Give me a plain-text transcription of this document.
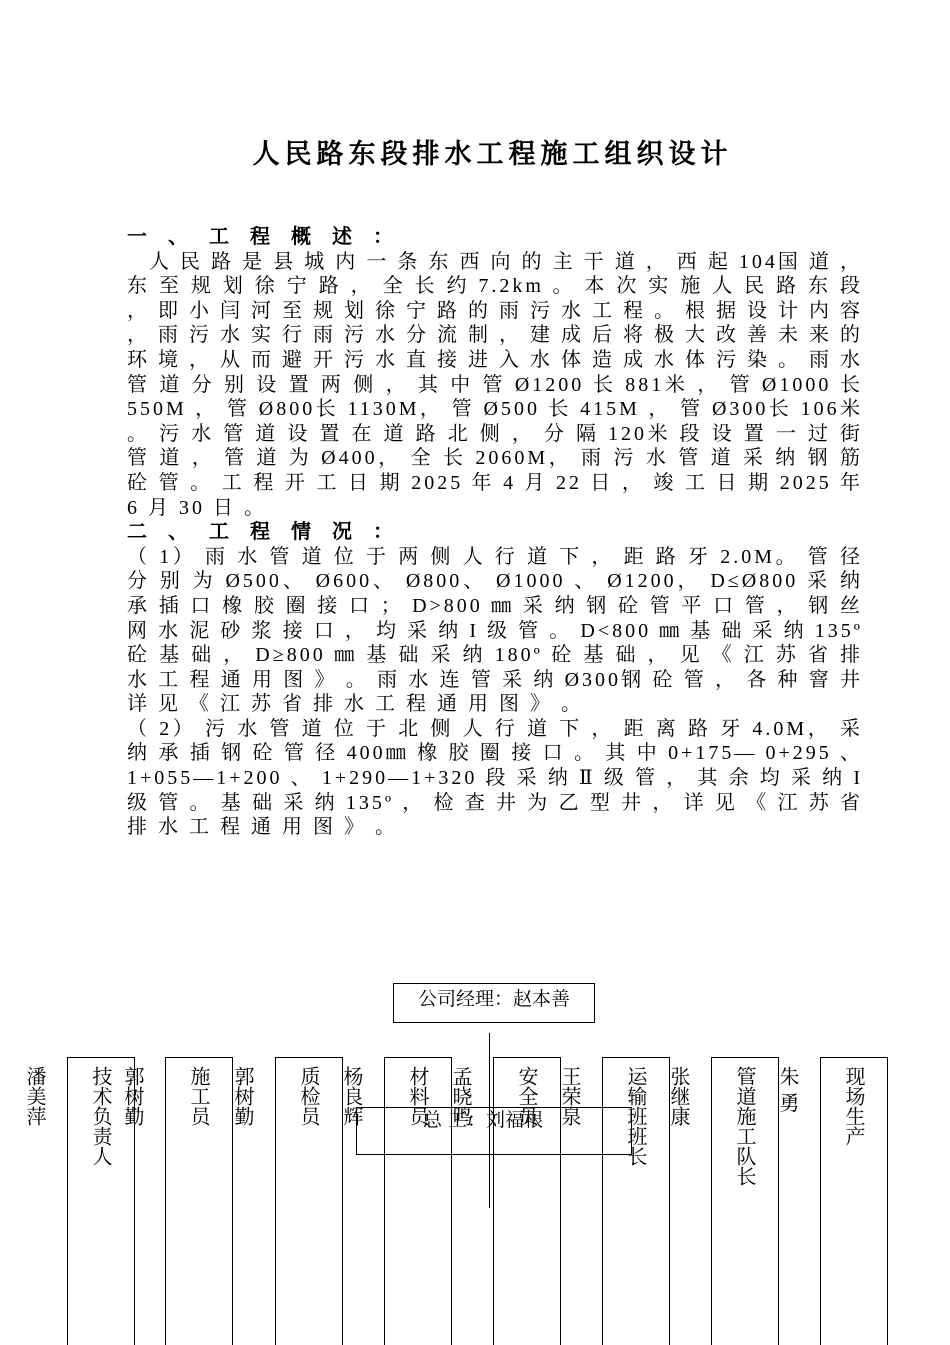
人民路东段排水工程施工组织设计

一 、 工 程 概 述 ：

人 民 路 是 县 城 内 一 条 东 西 向 的 主 干 道 ， 西 起 104国 道 ， 东 至 规 划 徐 宁 路 ， 全 长 约 7.2km 。 本 次 实 施 人 民 路 东 段 ， 即 小 闫 河 至 规 划 徐 宁 路 的 雨 污 水 工 程 。 根 据 设 计 内 容 ， 雨 污 水 实 行 雨 污 水 分 流 制 ， 建 成 后 将 极 大 改 善 未 来 的 环 境 ， 从 而 避 开 污 水 直 接 进 入 水 体 造 成 水 体 污 染 。 雨 水 管 道 分 别 设 置 两 侧 ， 其 中 管 Ø1200 长 881米 ， 管 Ø1000 长 550M ， 管 Ø800长 1130M， 管 Ø500 长 415M ， 管 Ø300长 106米 。 污 水 管 道 设 置 在 道 路 北 侧 ， 分 隔 120米 段 设 置 一 过 街 管 道 ， 管 道 为 Ø400， 全 长 2060M， 雨 污 水 管 道 采 纳 钢 筋 砼 管 。 工 程 开 工 日 期 2025 年 4 月 22 日 ， 竣 工 日 期 2025 年 6 月 30 日 。

二 、 工 程 情 况 ：

（ 1） 雨 水 管 道 位 于 两 侧 人 行 道 下 ， 距 路 牙 2.0M。 管 径 分 别 为 Ø500、 Ø600、 Ø800、 Ø1000 、 Ø1200， D≤Ø800 采 纳 承 插 口 橡 胶 圈 接 口 ； D>800 ㎜ 采 纳 钢 砼 管 平 口 管 ， 钢 丝 网 水 泥 砂 浆 接 口 ， 均 采 纳 I 级 管 。 D<800 ㎜ 基 础 采 纳 135º 砼 基 础 ， D≥800 ㎜ 基 础 采 纳 180º 砼 基 础 ， 见 《 江 苏 省 排 水 工 程 通 用 图 》 。 雨 水 连 管 采 纳 Ø300钢 砼 管 ， 各 种 窨 井 详 见 《 江 苏 省 排 水 工 程 通 用 图 》 。

（ 2） 污 水 管 道 位 于 北 侧 人 行 道 下 ， 距 离 路 牙 4.0M， 采 纳 承 插 钢 砼 管 径 400㎜ 橡 胶 圈 接 口 。 其 中 0+175— 0+295 、 1+055—1+200 、 1+290—1+320 段 采 纳 Ⅱ 级 管 ， 其 余 均 采 纳 I 级 管 。 基 础 采 纳 135º ， 检 查 井 为 乙 型 井 ， 详 见 《 江 苏 省 排 水 工 程 通 用 图 》 。

公司经理：赵本善
技术负责人
潘美萍	施工员
郭树勤	质检员
郭树勤	材料员
杨良辉	安全员
孟晓鸣	运输班班长
王荣泉	管道施工队长
张继康	现场生产
朱 勇
总 工：刘福根
